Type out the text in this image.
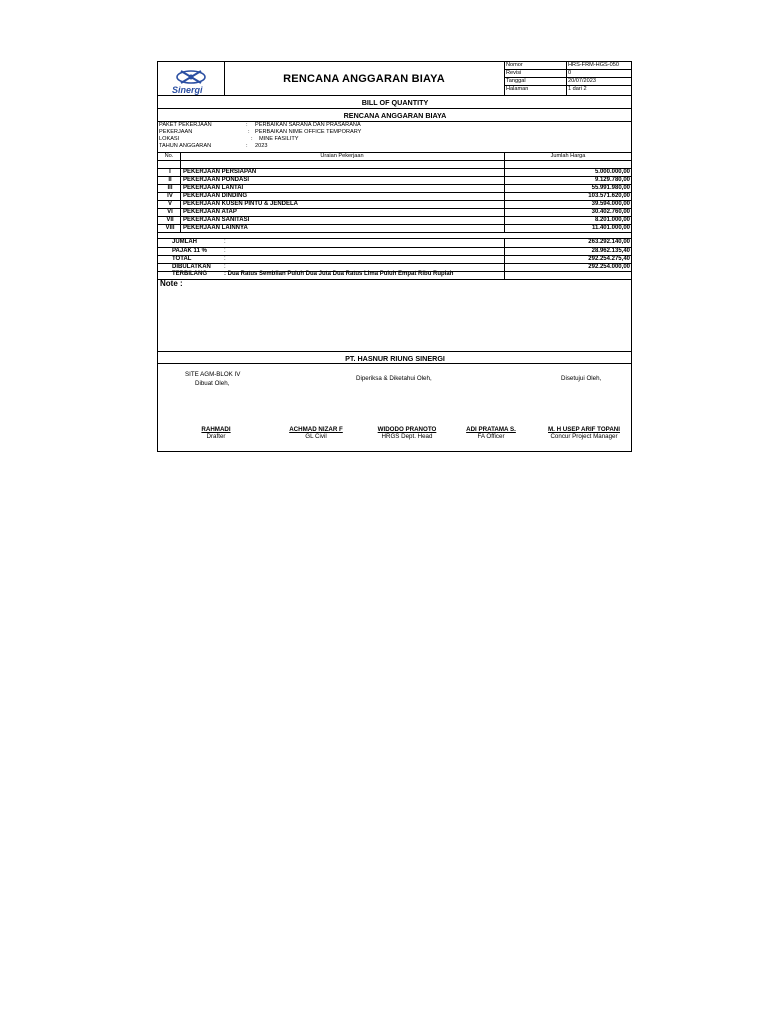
Sinergi
RENCANA ANGGARAN BIAYA
Nomor	HRS-FRM-HGS-050
Revisi	0
Tanggal	20/07/2023
Halaman	1 dari 2
BILL OF QUANTITY
RENCANA ANGGARAN BIAYA
PAKET PEKERJAAN	: PERBAIKAN SARANA DAN PRASARANA
PEKERJAAN	: PERBAIKAN NIME OFFICE TEMPORARY
LOKASI	: MINE FASILITY
TAHUN ANGGARAN	: 2023
No.	Uraian Pekerjaan	Jumlah Harga
I	PEKERJAAN PERSIAPAN	5.000.000,00
II	PEKERJAAN PONDASI	9.129.780,00
III	PEKERJAAN LANTAI	55.991.980,00
IV	PEKERJAAN DINDING	103.571.620,00
V	PEKERJAAN KUSEN PINTU & JENDELA	39.594.000,00
VI	PEKERJAAN ATAP	30.402.760,00
VII	PEKERJAAN SANITASI	8.201.000,00
VIII	PEKERJAAN LAINNYA	11.401.000,00
JUMLAH	:	263.292.140,00
PAJAK 11 %	:	28.962.135,40
TOTAL	:	292.254.275,40
DIBULATKAN :	292.254.000,00
TERBILANG	: Dua Ratus Sembilan Puluh Dua Juta Dua Ratus Lima Puluh Empat Ribu Rupiah
Note :
PT. HASNUR RIUNG SINERGI
SITE AGM-BLOK IV
Dibuat Oleh,
Diperiksa & Diketahui Oleh,	Disetujui Oleh,
RAHMADI
Drafter
ACHMAD NIZAR F
GL Civil
WIDODO PRANOTO
HRGS Dept. Head
ADI PRATAMA S.
FA Officer
M. H USEP ARIF TOPANI
Concur Project Manager
